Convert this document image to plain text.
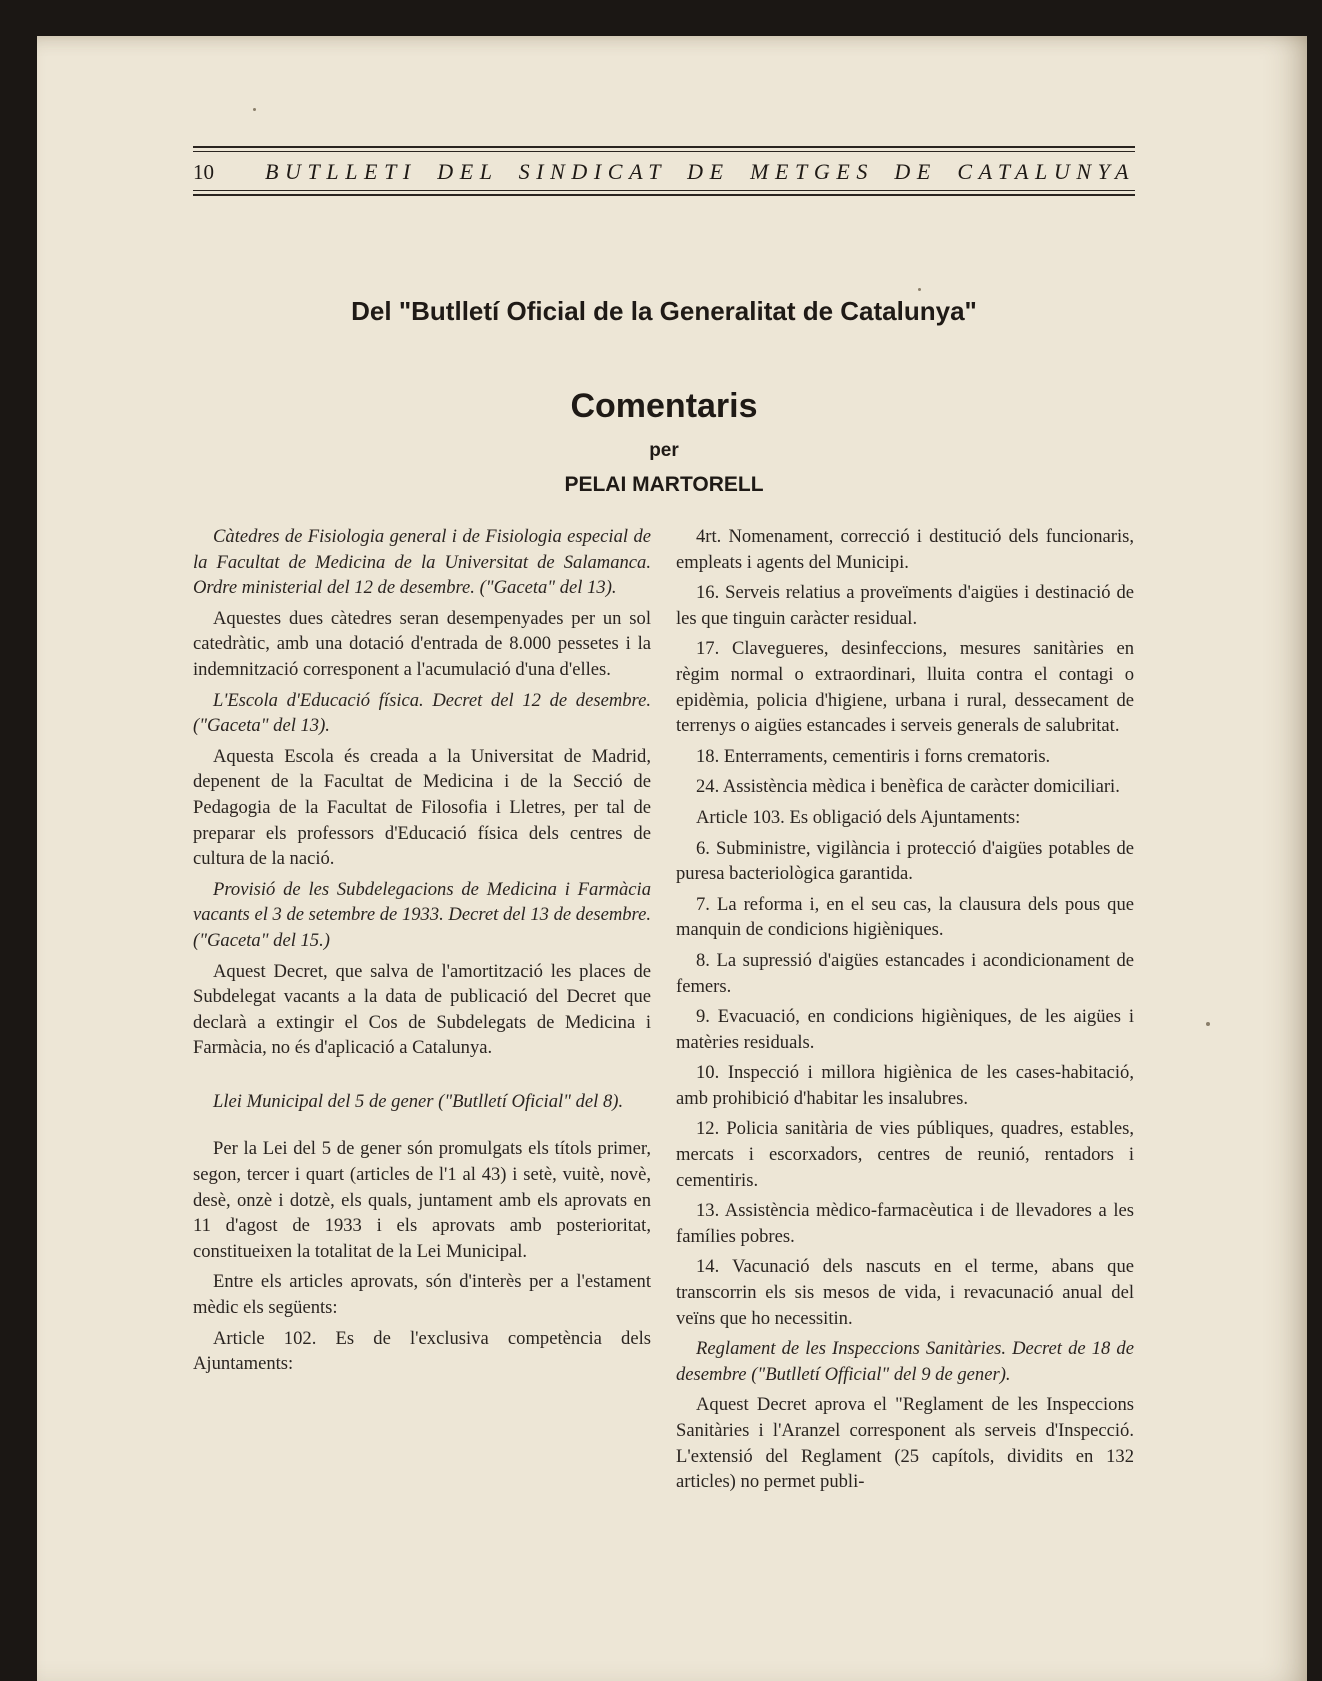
10	BUTLLETI DEL SINDICAT DE METGES DE CATALUNYA
Del "Butlletí Oficial de la Generalitat de Catalunya"
Comentaris
per
PELAI MARTORELL

Càtedres de Fisiologia general i de Fisiologia especial de la Facultat de Medicina de la Universitat de Salamanca. Ordre ministerial del 12 de desembre. ("Gaceta" del 13).

Aquestes dues càtedres seran desempenyades per un sol catedràtic, amb una dotació d'entrada de 8.000 pessetes i la indemnització corresponent a l'acumulació d'una d'elles.

L'Escola d'Educació física. Decret del 12 de desembre. ("Gaceta" del 13).

Aquesta Escola és creada a la Universitat de Madrid, depenent de la Facultat de Medicina i de la Secció de Pedagogia de la Facultat de Filosofia i Lletres, per tal de preparar els professors d'Educació física dels centres de cultura de la nació.

Provisió de les Subdelegacions de Medicina i Farmàcia vacants el 3 de setembre de 1933. Decret del 13 de desembre. ("Gaceta" del 15.)

Aquest Decret, que salva de l'amortització les places de Subdelegat vacants a la data de publicació del Decret que declarà a extingir el Cos de Subdelegats de Medicina i Farmàcia, no és d'aplicació a Catalunya.

Llei Municipal del 5 de gener ("Butlletí Oficial" del 8).

Per la Lei del 5 de gener són promulgats els títols primer, segon, tercer i quart (articles de l'1 al 43) i setè, vuitè, novè, desè, onzè i dotzè, els quals, juntament amb els aprovats en 11 d'agost de 1933 i els aprovats amb posterioritat, constitueixen la totalitat de la Lei Municipal.

Entre els articles aprovats, són d'interès per a l'estament mèdic els següents:

Article 102. Es de l'exclusiva competència dels Ajuntaments:

4rt. Nomenament, correcció i destitució dels funcionaris, empleats i agents del Municipi.

16. Serveis relatius a proveïments d'aigües i destinació de les que tinguin caràcter residual.

17. Clavegueres, desinfeccions, mesures sanitàries en règim normal o extraordinari, lluita contra el contagi o epidèmia, policia d'higiene, urbana i rural, dessecament de terrenys o aigües estancades i serveis generals de salubritat.

18. Enterraments, cementiris i forns crematoris.

24. Assistència mèdica i benèfica de caràcter domiciliari.

Article 103. Es obligació dels Ajuntaments:

6. Subministre, vigilància i protecció d'aigües potables de puresa bacteriològica garantida.

7. La reforma i, en el seu cas, la clausura dels pous que manquin de condicions higièniques.

8. La supressió d'aigües estancades i acondicionament de femers.

9. Evacuació, en condicions higièniques, de les aigües i matèries residuals.

10. Inspecció i millora higiènica de les cases-habitació, amb prohibició d'habitar les insalubres.

12. Policia sanitària de vies públiques, quadres, estables, mercats i escorxadors, centres de reunió, rentadors i cementiris.

13. Assistència mèdico-farmacèutica i de llevadores a les famílies pobres.

14. Vacunació dels nascuts en el terme, abans que transcorrin els sis mesos de vida, i revacunació anual del veïns que ho necessitin.

Reglament de les Inspeccions Sanitàries. Decret de 18 de desembre ("Butlletí Official" del 9 de gener).

Aquest Decret aprova el "Reglament de les Inspeccions Sanitàries i l'Aranzel corresponent als serveis d'Inspecció. L'extensió del Reglament (25 capítols, dividits en 132 articles) no permet publi-
